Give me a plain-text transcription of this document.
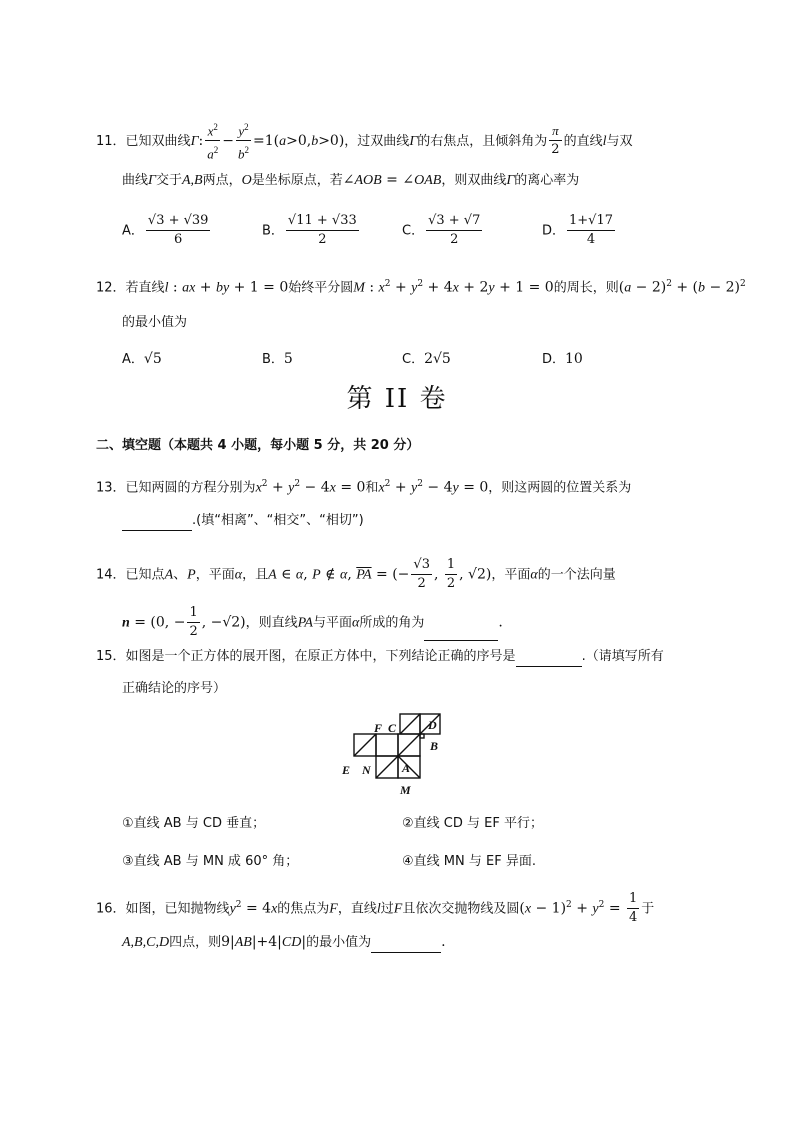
11．已知双曲线Γ: $\frac{x^2}{a^2} - \frac{y^2}{b^2} =1(a>0,b>0)$，过双曲线Γ的右焦点，且倾斜角为 $\frac{\pi}{2}$ 的直线l与双
曲线Γ交于A,B两点，O是坐标原点，若∠AOB = ∠OAB，则双曲线Γ的离心率为
A． $\frac{√3 + √39}{6}$	B． $\frac{√11 + √33}{2}$	C． $\frac{√3 + √7}{2}$	D． $\frac{1+√17}{4}$
12．若直线l : ax + by + 1 = 0始终平分圆M : $x^2 + y^2 + 4x + 2y + 1 = 0$的周长，则$(a - 2)^2 + (b - 2)^2$
的最小值为
A．√5	B．5	C．2√5	D．10
第 II 卷
二、填空题（本题共 4 小题，每小题 5 分，共 20 分）
13．已知两圆的方程分别为$x^2 + y^2 - 4x = 0$和$x^2 + y^2 - 4y = 0$，则这两圆的位置关系为
.(填“相离”、“相交”、“相切”)
14．已知点A、P，平面α，且A ∈ α, P ∉ α, $\overline{PA}$ = (− $\frac{√3}{2}$ , $\frac{1}{2}$ , √2)，平面α的一个法向量
n = (0, − $\frac{1}{2}$ , −√2)，则直线PA与平面α所成的角为	.
15．如图是一个正方体的展开图，在原正方体中，下列结论正确的序号是	.（请填写所有
正确结论的序号）
F C	D
B
E N	A
M
①直线 AB 与 CD 垂直；	②直线 CD 与 EF 平行；
③直线 AB 与 MN 成 60° 角；	④直线 MN 与 EF 异面.
16．如图，已知抛物线$y^2 = 4x$的焦点为F，直线l过F且依次交抛物线及圆$(x - 1)^2 + y^2 = \frac{1}{4}$ 于
A,B,C,D四点，则9|AB|+4|CD|的最小值为	.
